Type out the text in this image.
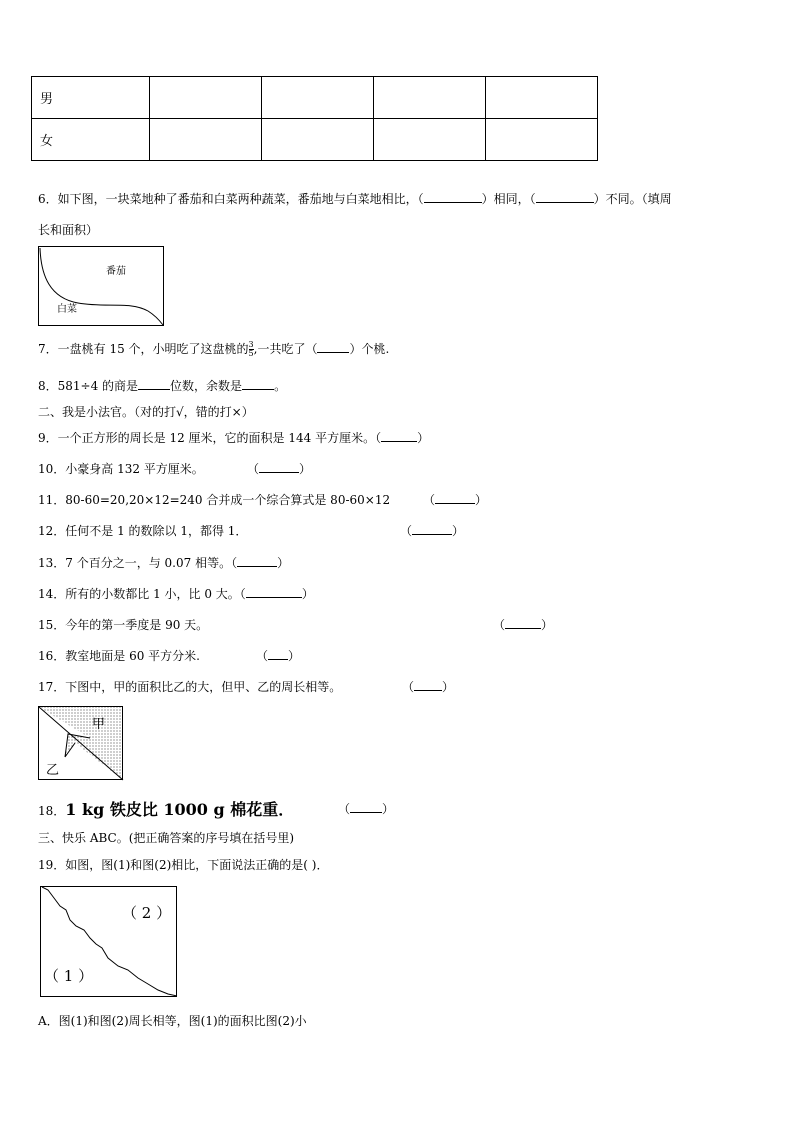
男				
女				
6．如下图，一块菜地种了番茄和白菜两种蔬菜，番茄地与白菜地相比，（	）相同，（	）不同。（填周
长和面积）
番茄
白菜
7．一盘桃有 15 个，小明吃了这盘桃的 $\frac{3}{5}$ ,一共吃了（	）个桃.
8．581÷4 的商是	位数，余数是	。
二、我是小法官。（对的打√，错的打×）
9．一个正方形的周长是 12 厘米，它的面积是 144 平方厘米。（	）
10．小豪身高 132 平方厘米。	（	）
11．80-60=20,20×12=240 合并成一个综合算式是 80-60×12	（	）
12．任何不是 1 的数除以 1，都得 1．	（	）
13．7 个百分之一，与 0.07 相等。（	）
14．所有的小数都比 1 小，比 0 大。（	）
15．今年的第一季度是 90 天。	（	）
16．教室地面是 60 平方分米.	（ ）
17．下图中，甲的面积比乙的大，但甲、乙的周长相等。	（ ）
甲
乙
18．1 kg 铁皮比 1000 g 棉花重．	（	）
三、快乐 ABC。(把正确答案的序号填在括号里)
19．如图，图(1)和图(2)相比，下面说法正确的是( )．
（ 2 ）
（ 1 ）
A．图(1)和图(2)周长相等，图(1)的面积比图(2)小
